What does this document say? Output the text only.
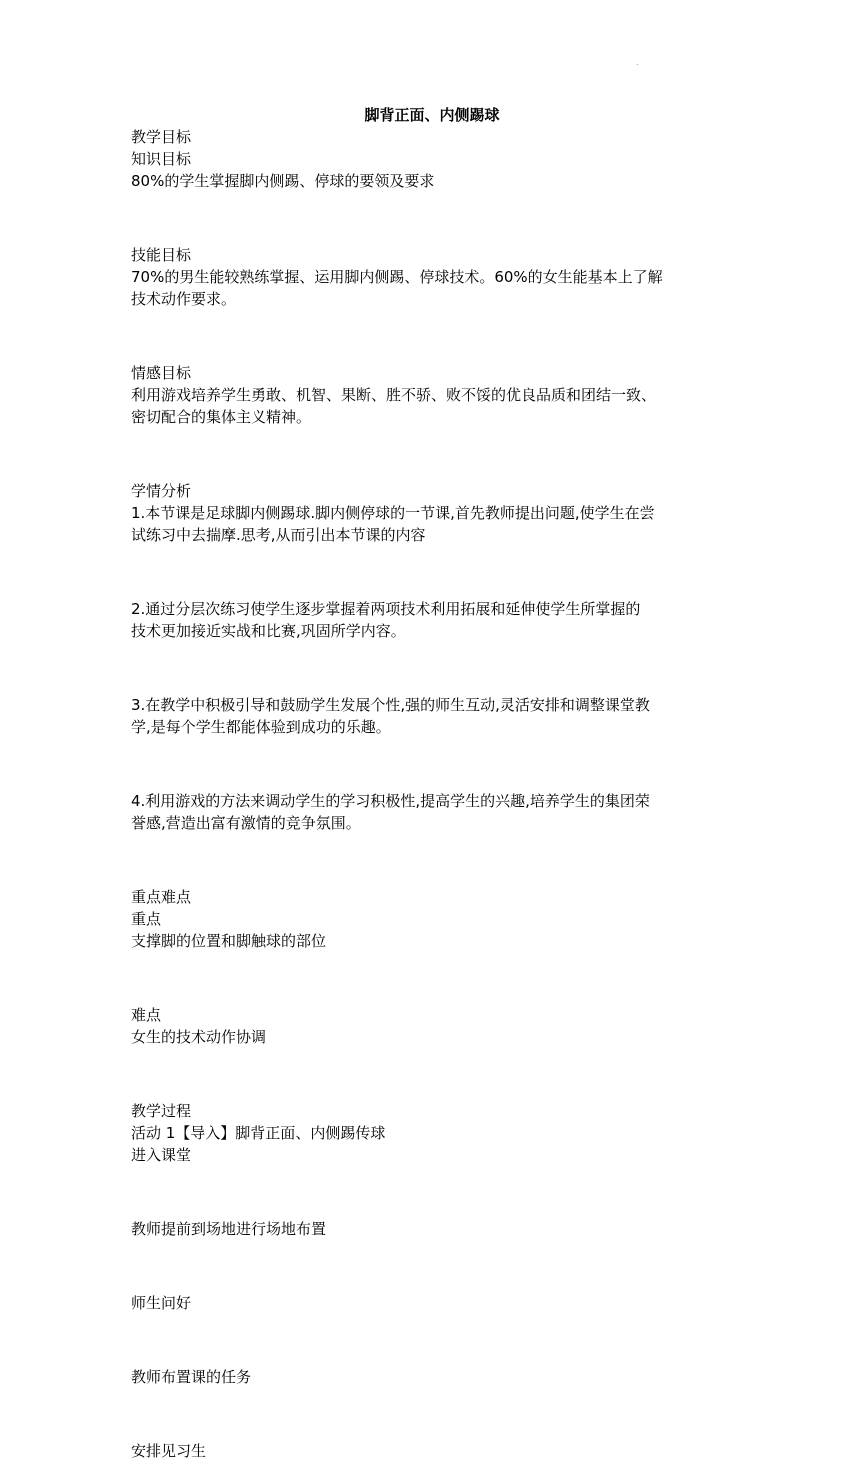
.

脚背正面、内侧踢球

教学目标

知识目标

80%的学生掌握脚内侧踢、停球的要领及要求

技能目标

70%的男生能较熟练掌握、运用脚内侧踢、停球技术。60%的女生能基本上了解

技术动作要求。

情感目标

利用游戏培养学生勇敢、机智、果断、胜不骄、败不馁的优良品质和团结一致、

密切配合的集体主义精神。

学情分析

1.本节课是足球脚内侧踢球.脚内侧停球的一节课,首先教师提出问题,使学生在尝

试练习中去揣摩.思考,从而引出本节课的内容

2.通过分层次练习使学生逐步掌握着两项技术利用拓展和延伸使学生所掌握的

技术更加接近实战和比赛,巩固所学内容。

3.在教学中积极引导和鼓励学生发展个性,强的师生互动,灵活安排和调整课堂教

学,是每个学生都能体验到成功的乐趣。

4.利用游戏的方法来调动学生的学习积极性,提高学生的兴趣,培养学生的集团荣

誉感,营造出富有激情的竞争氛围。

重点难点

重点

支撑脚的位置和脚触球的部位

难点

女生的技术动作协调

教学过程

活动 1【导入】脚背正面、内侧踢传球

进入课堂

教师提前到场地进行场地布置

师生问好

教师布置课的任务

安排见习生
